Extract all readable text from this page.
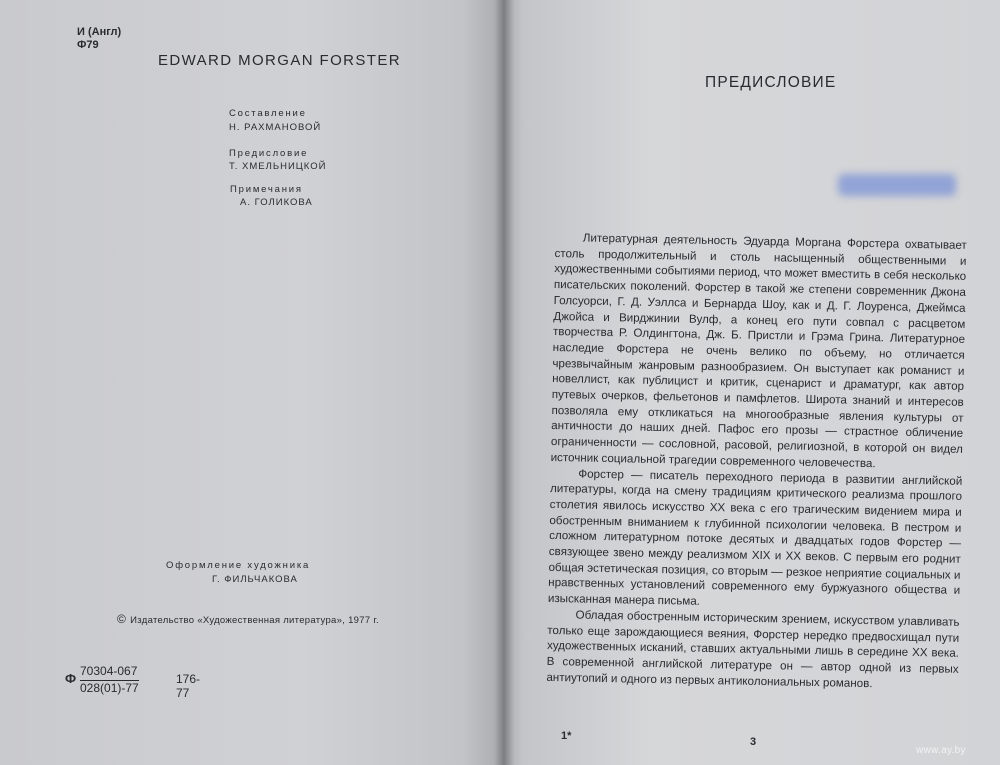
И (Англ)
Ф79
EDWARD MORGAN FORSTER
Составление
Н. РАХМАНОВОЙ
Предисловие
Т. ХМЕЛЬНИЦКОЙ
Примечания
А. ГОЛИКОВА
Оформление художника
Г. ФИЛЬЧАКОВА
© Издательство «Художественная литература», 1977 г.
Ф $\frac{70304-067}{028(01)-77}$	176-77
ПРЕДИСЛОВИЕ

Литературная деятельность Эдуарда Моргана Форстера охватывает столь продолжительный и столь насыщенный общественными и художественными событиями период, что может вместить в себя несколько писательских поколений. Форстер в такой же степени современник Джона Голсуорси, Г. Д. Уэллса и Бернарда Шоу, как и Д. Г. Лоуренса, Джеймса Джойса и Вирджинии Вулф, а конец его пути совпал с расцветом творчества Р. Олдингтона, Дж. Б. Пристли и Грэма Грина. Литературное наследие Форстера не очень велико по объему, но отличается чрезвычайным жанровым разнообразием. Он выступает как романист и новеллист, как публицист и критик, сценарист и драматург, как автор путевых очерков, фельетонов и памфлетов. Широта знаний и интересов позволяла ему откликаться на многообразные явления культуры от античности до наших дней. Пафос его прозы — страстное обличение ограниченности — сословной, расовой, религиозной, в которой он видел источник социальной трагедии современного человечества.

Форстер — писатель переходного периода в развитии английской литературы, когда на смену традициям критического реализма прошлого столетия явилось искусство XX века с его трагическим видением мира и обостренным вниманием к глубинной психологии человека. В пестром и сложном литературном потоке десятых и двадцатых годов Форстер — связующее звено между реализмом XIX и XX веков. С первым его роднит общая эстетическая позиция, со вторым — резкое неприятие социальных и нравственных установлений современного ему буржуазного общества и изысканная манера письма.

Обладая обостренным историческим зрением, искусством улавливать только еще зарождающиеся веяния, Форстер нередко предвосхищал пути художественных исканий, ставших актуальными лишь в середине XX века. В современной английской литературе он — автор одной из первых антиутопий и одного из первых антиколониальных романов.

1*	3
www.ay.by
